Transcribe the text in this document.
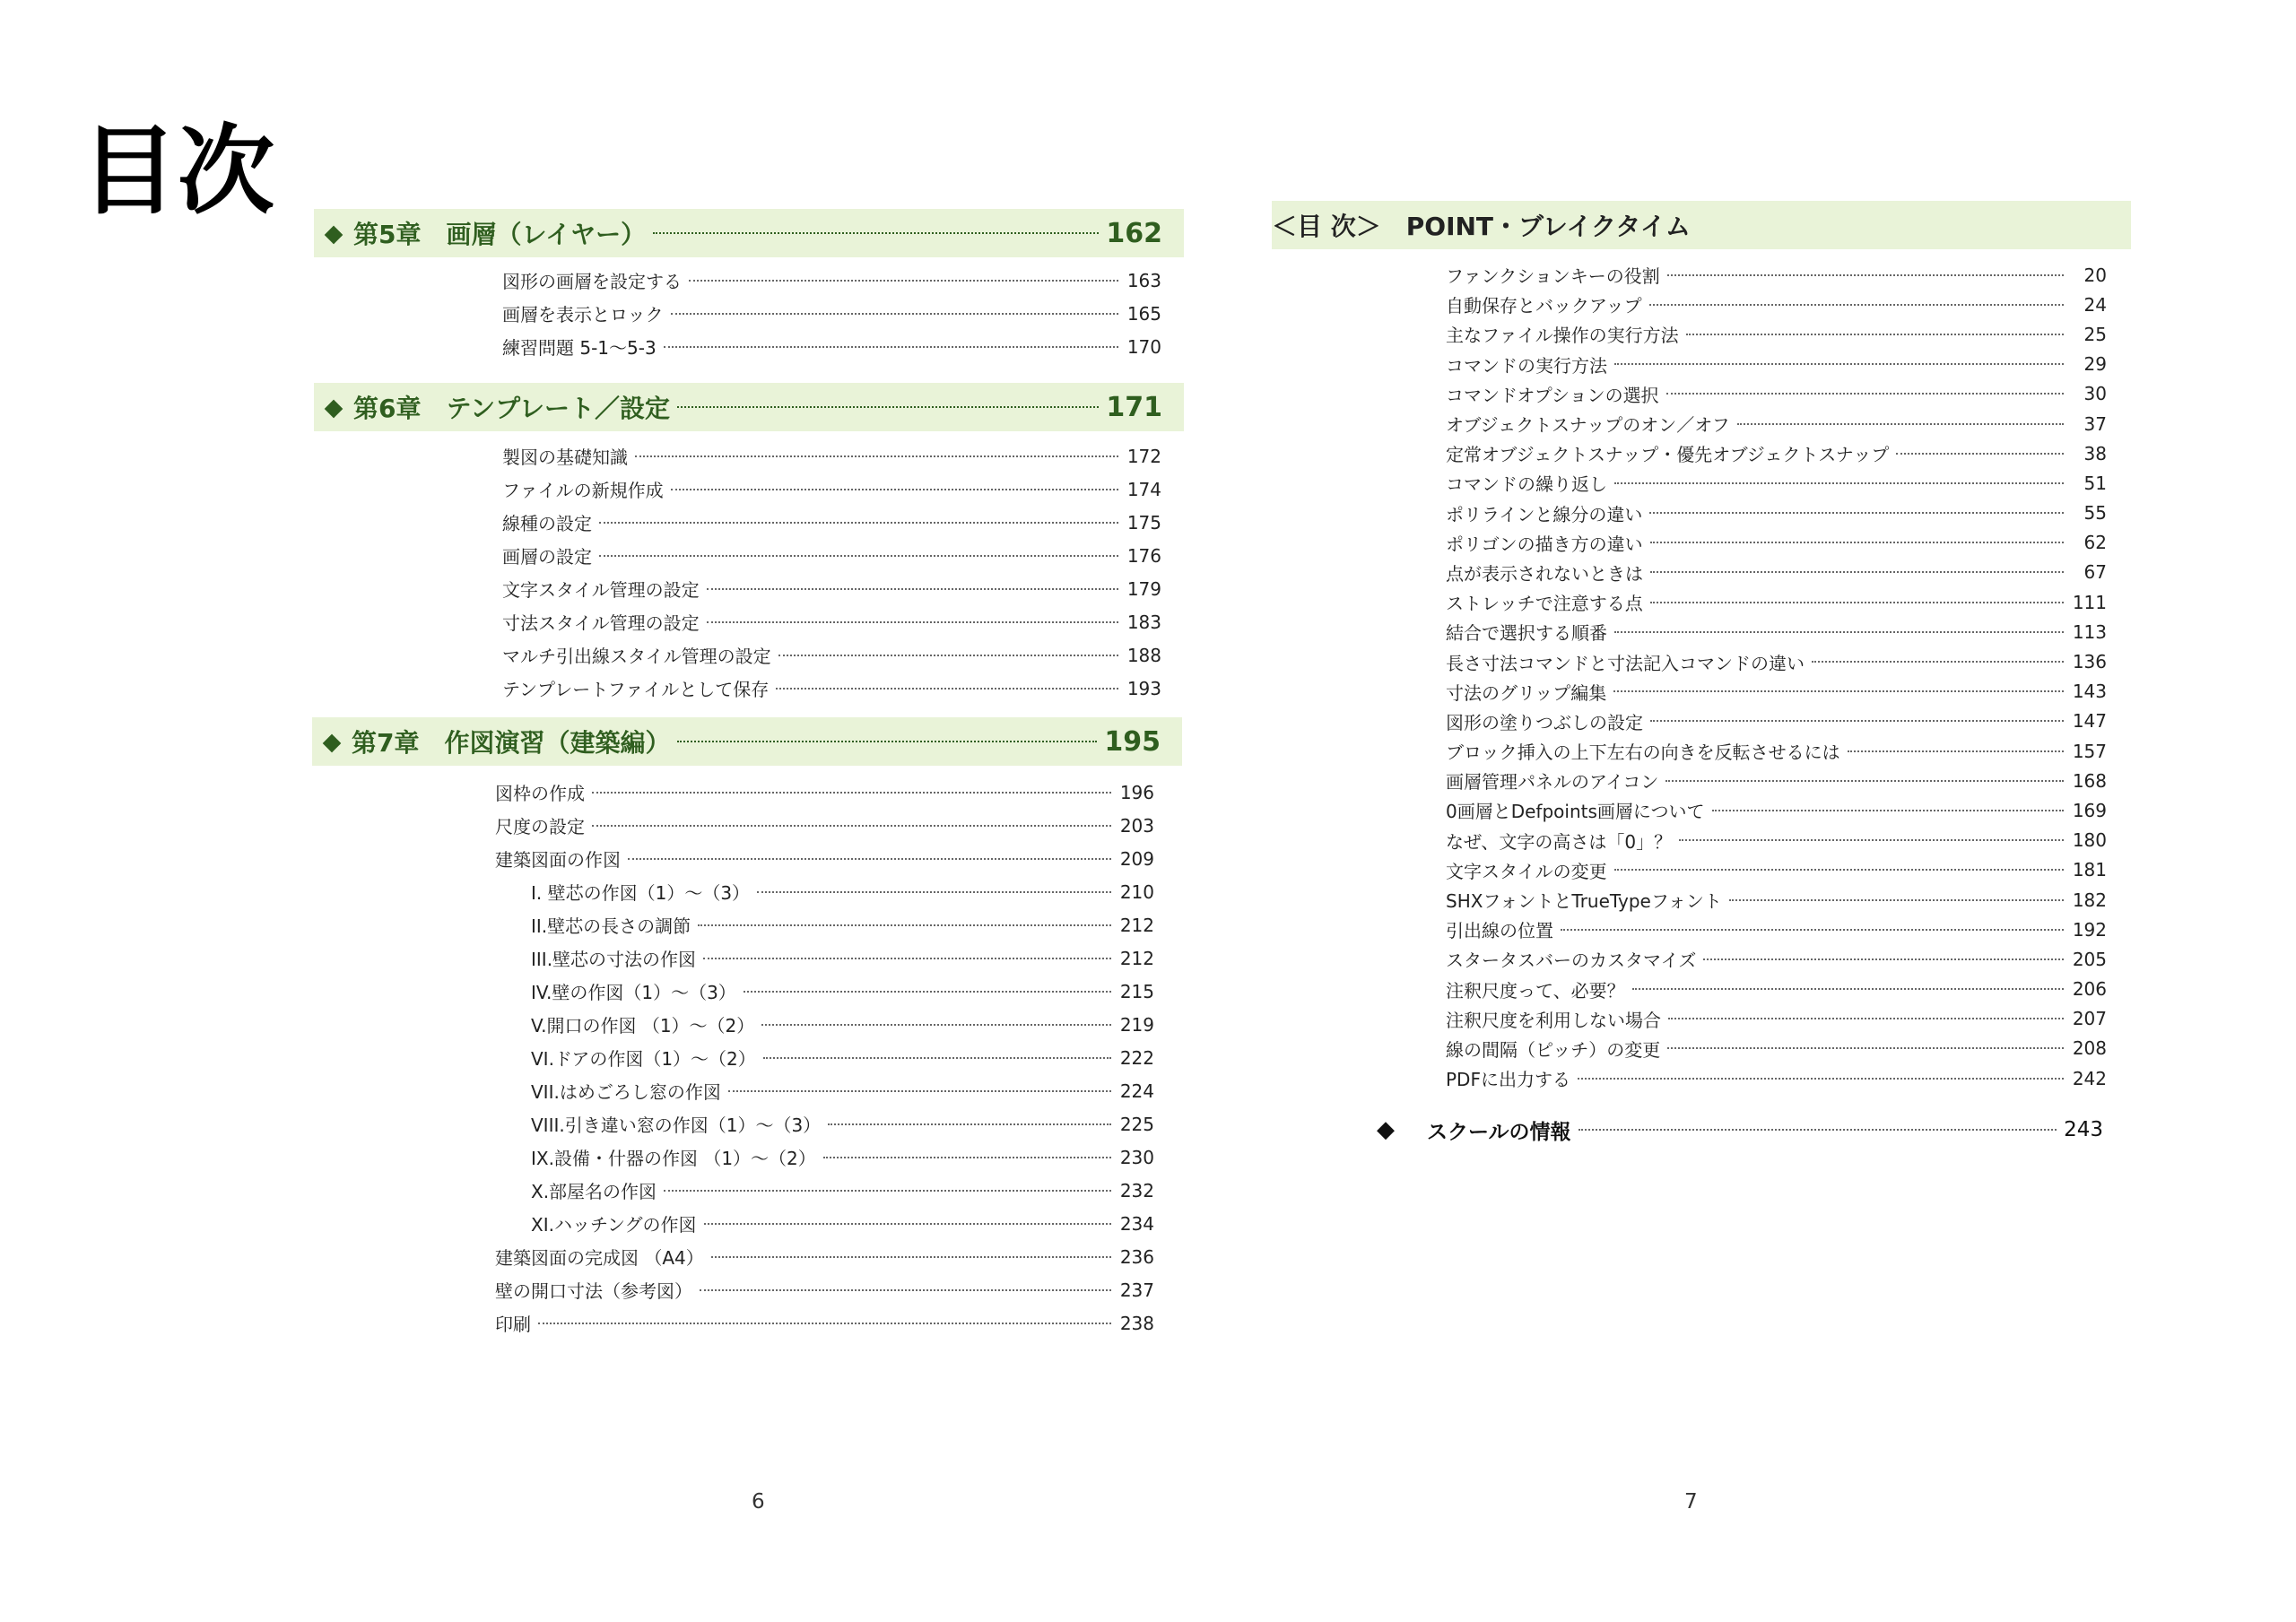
目次
◆ 第5章　画層（レイヤー）	162
図形の画層を設定する	163
画層を表示とロック	165
練習問題 5-1～5-3	170
◆ 第6章　テンプレート／設定	171
製図の基礎知識	172
ファイルの新規作成	174
線種の設定	175
画層の設定	176
文字スタイル管理の設定	179
寸法スタイル管理の設定	183
マルチ引出線スタイル管理の設定	188
テンプレートファイルとして保存	193
◆ 第7章　作図演習（建築編）	195
図枠の作成	196
尺度の設定	203
建築図面の作図	209
I. 壁芯の作図（1）～（3）	210
II.壁芯の長さの調節	212
III.壁芯の寸法の作図	212
IV.壁の作図（1）～（3）	215
V.開口の作図 （1）～（2）	219
VI.ドアの作図（1）～（2）	222
VII.はめごろし窓の作図	224
VIII.引き違い窓の作図（1）～（3）	225
IX.設備・什器の作図 （1）～（2）	230
X.部屋名の作図	232
XI.ハッチングの作図	234
建築図面の完成図 （A4）	236
壁の開口寸法（参考図）	237
印刷	238
6
＜目 次＞　POINT・ブレイクタイム
ファンクションキーの役割	20
自動保存とバックアップ	24
主なファイル操作の実行方法	25
コマンドの実行方法	29
コマンドオプションの選択	30
オブジェクトスナップのオン／オフ	37
定常オブジェクトスナップ・優先オブジェクトスナップ	38
コマンドの繰り返し	51
ポリラインと線分の違い	55
ポリゴンの描き方の違い	62
点が表示されないときは	67
ストレッチで注意する点	111
結合で選択する順番	113
長さ寸法コマンドと寸法記入コマンドの違い	136
寸法のグリップ編集	143
図形の塗りつぶしの設定	147
ブロック挿入の上下左右の向きを反転させるには	157
画層管理パネルのアイコン	168
0画層とDefpoints画層について	169
なぜ、文字の高さは「0」？	180
文字スタイルの変更	181
SHXフォントとTrueTypeフォント	182
引出線の位置	192
スタータスバーのカスタマイズ	205
注釈尺度って、必要？	206
注釈尺度を利用しない場合	207
線の間隔（ピッチ）の変更	208
PDFに出力する	242
◆	スクールの情報	243
7
